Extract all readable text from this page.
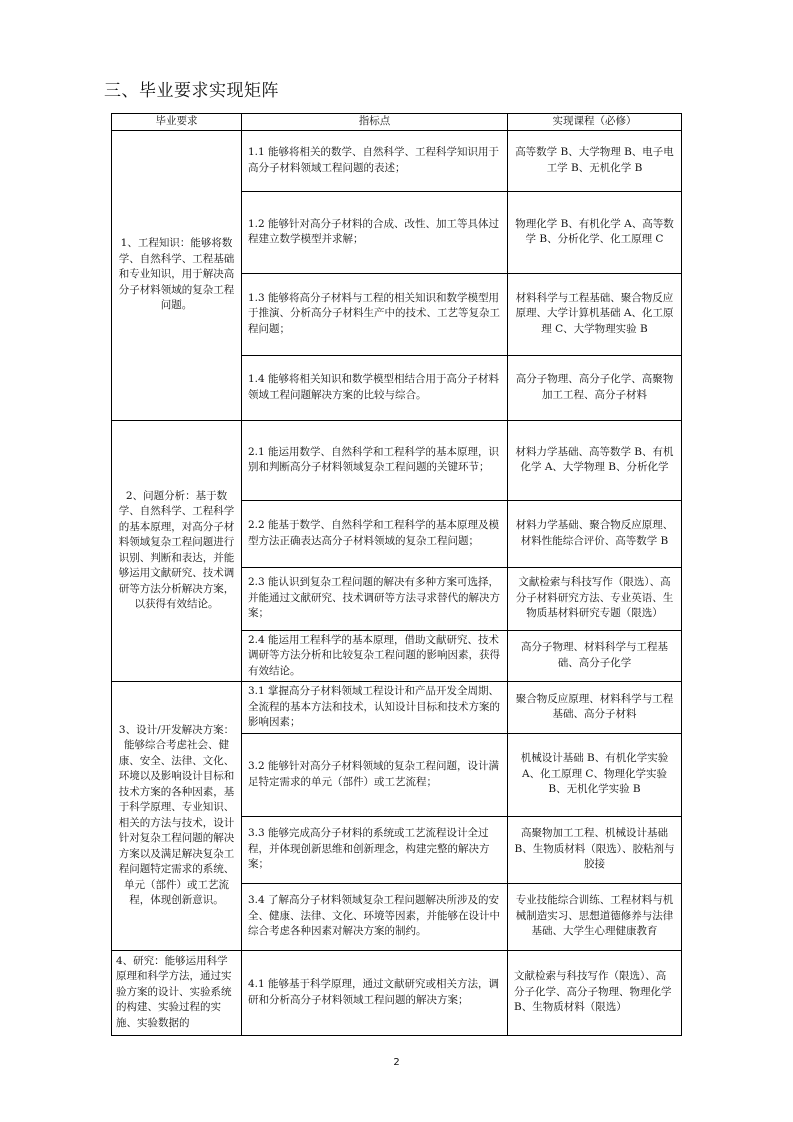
三、毕业要求实现矩阵
毕业要求	指标点	实现课程（必修）
1、工程知识：能够将数学、自然科学、工程基础和专业知识，用于解决高分子材料领域的复杂工程问题。	1.1 能够将相关的数学、自然科学、工程科学知识用于高分子材料领域工程问题的表述；	高等数学 B、大学物理 B、电子电工学 B、无机化学 B
	1.2 能够针对高分子材料的合成、改性、加工等具体过程建立数学模型并求解；	物理化学 B、有机化学 A、高等数学 B、分析化学、化工原理 C
	1.3 能够将高分子材料与工程的相关知识和数学模型用于推演、分析高分子材料生产中的技术、工艺等复杂工程问题；	材料科学与工程基础、聚合物反应原理、大学计算机基础 A、化工原理 C、大学物理实验 B
	1.4 能够将相关知识和数学模型相结合用于高分子材料领域工程问题解决方案的比较与综合。	高分子物理、高分子化学、高聚物加工工程、高分子材料
2、问题分析：基于数学、自然科学、工程科学的基本原理，对高分子材料领域复杂工程问题进行识别、判断和表达，并能够运用文献研究、技术调研等方法分析解决方案，以获得有效结论。	2.1 能运用数学、自然科学和工程科学的基本原理，识别和判断高分子材料领域复杂工程问题的关键环节；	材料力学基础、高等数学 B、有机化学 A、大学物理 B、分析化学
	2.2 能基于数学、自然科学和工程科学的基本原理及模型方法正确表达高分子材料领域的复杂工程问题；	材料力学基础、聚合物反应原理、材料性能综合评价、高等数学 B
	2.3 能认识到复杂工程问题的解决有多种方案可选择，并能通过文献研究、技术调研等方法寻求替代的解决方案；	文献检索与科技写作（限选）、高分子材料研究方法、专业英语、生物质基材料研究专题（限选）
	2.4 能运用工程科学的基本原理，借助文献研究、技术调研等方法分析和比较复杂工程问题的影响因素，获得有效结论。	高分子物理、材料科学与工程基础、高分子化学
3、设计/开发解决方案：能够综合考虑社会、健康、安全、法律、文化、环境以及影响设计目标和技术方案的各种因素，基于科学原理、专业知识、相关的方法与技术，设计针对复杂工程问题的解决方案以及满足解决复杂工程问题特定需求的系统、单元（部件）或工艺流程，体现创新意识。	3.1 掌握高分子材料领域工程设计和产品开发全周期、全流程的基本方法和技术，认知设计目标和技术方案的影响因素；	聚合物反应原理、材料科学与工程基础、高分子材料
	3.2 能够针对高分子材料领域的复杂工程问题，设计满足特定需求的单元（部件）或工艺流程；	机械设计基础 B、有机化学实验 A、化工原理 C、物理化学实验 B、无机化学实验 B
	3.3 能够完成高分子材料的系统或工艺流程设计全过程，并体现创新思维和创新理念，构建完整的解决方案；	高聚物加工工程、机械设计基础 B、生物质材料（限选）、胶粘剂与胶接
	3.4 了解高分子材料领域复杂工程问题解决所涉及的安全、健康、法律、文化、环境等因素，并能够在设计中综合考虑各种因素对解决方案的制约。	专业技能综合训练、工程材料与机械制造实习、思想道德修养与法律基础、大学生心理健康教育
4、研究：能够运用科学原理和科学方法，通过实验方案的设计、实验系统的构建、实验过程的实施、实验数据的	4.1 能够基于科学原理，通过文献研究或相关方法，调研和分析高分子材料领域工程问题的解决方案；	文献检索与科技写作（限选）、高分子化学、高分子物理、物理化学 B、生物质材料（限选）
2
